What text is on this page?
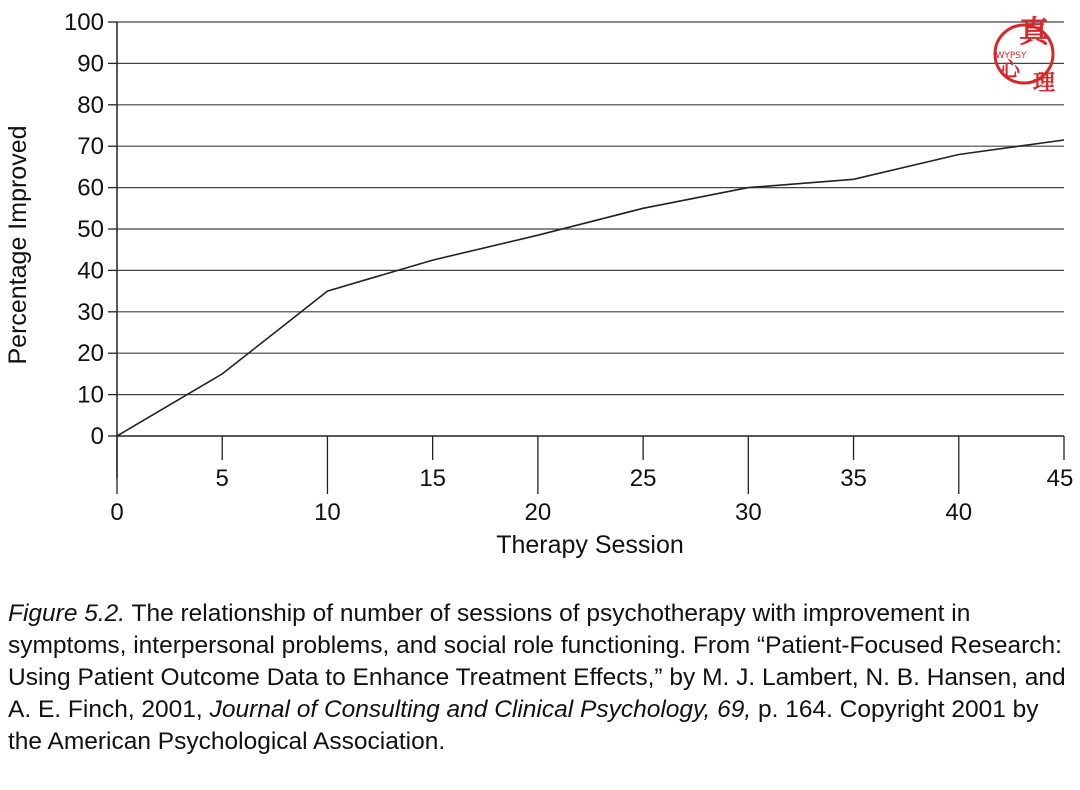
0
10
20
30
40
50
60
70
80
90
100
0	10	20	30	40
5	15	25	35	45
Therapy Session
Percentage Improved
真
WYPSY
心
理

Figure 5.2. The relationship of number of sessions of psychotherapy with improvement in symptoms, interpersonal problems, and social role functioning. From “Patient-Focused Research: Using Patient Outcome Data to Enhance Treatment Effects,” by M. J. Lambert, N. B. Hansen, and A. E. Finch, 2001, Journal of Consulting and Clinical Psychology, 69, p. 164. Copyright 2001 by the American Psychological Association.
